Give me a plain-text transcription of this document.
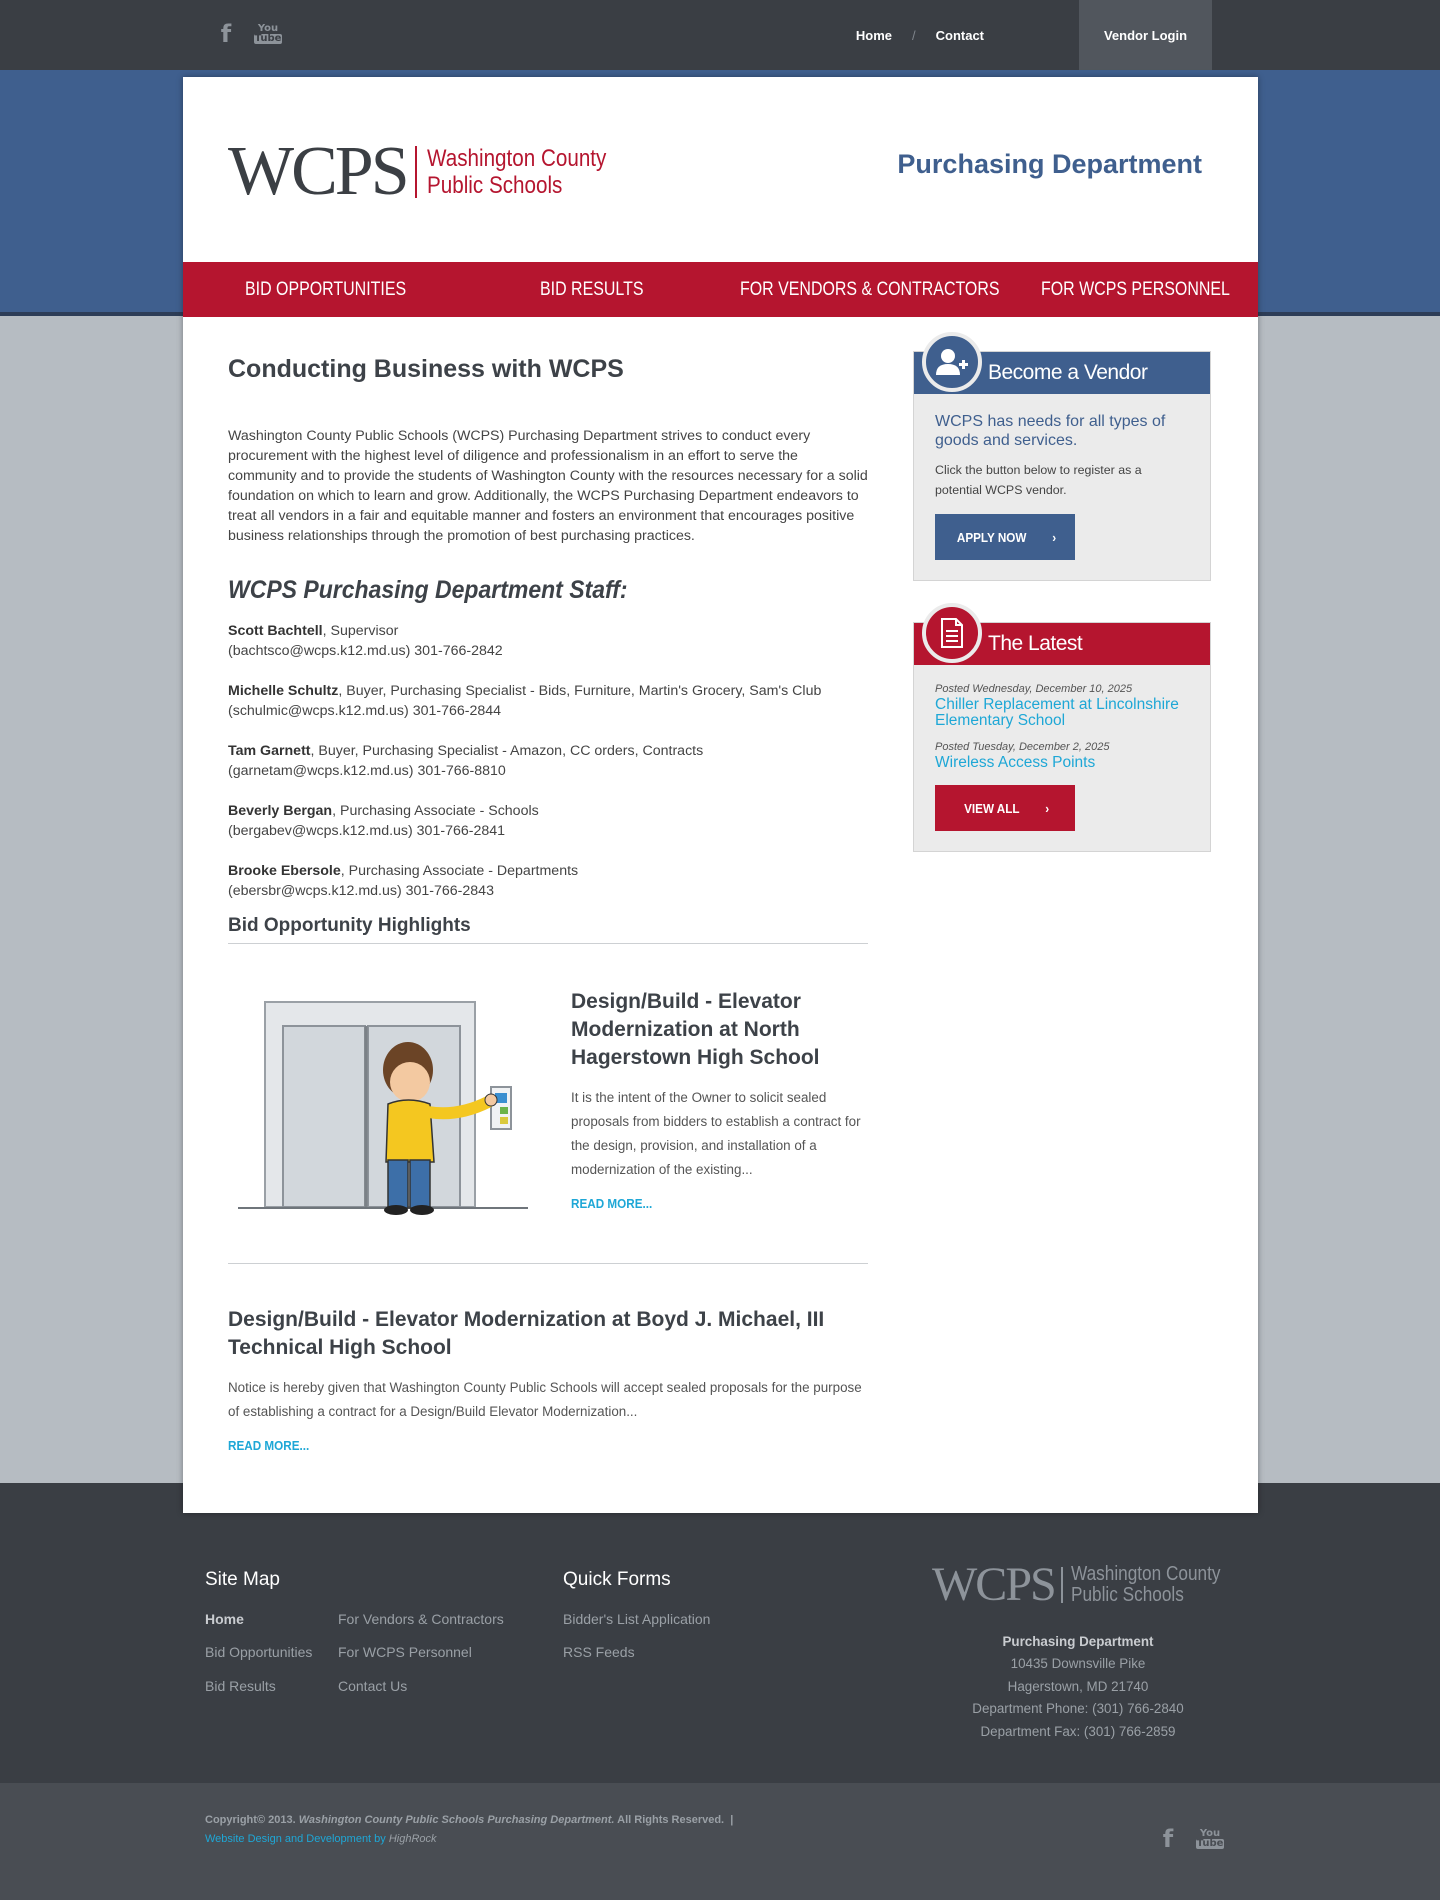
f	You
Tube	Home / Contact	Vendor Login
Site Map
Home
Bid Opportunities
Bid Results
For Vendors & Contractors
For WCPS Personnel
Contact Us
Quick Forms
Bidder's List Application
RSS Feeds
WCPS Washington County
Public Schools
Purchasing Department
10435 Downsville Pike
Hagerstown, MD 21740
Department Phone: (301) 766-2840
Department Fax: (301) 766-2859
Copyright© 2013. Washington County Public Schools Purchasing Department. All Rights Reserved. |
Website Design and Development by HighRock	f	You
Tube
WCPS Washington County
Public Schools
Purchasing Department
BID OPPORTUNITIES	BID RESULTS	FOR VENDORS & CONTRACTORS FOR WCPS PERSONNEL
Conducting Business with WCPS

Washington County Public Schools (WCPS) Purchasing Department strives to conduct every procurement with the highest level of diligence and professionalism in an effort to serve the community and to provide the students of Washington County with the resources necessary for a solid foundation on which to learn and grow. Additionally, the WCPS Purchasing Department endeavors to treat all vendors in a fair and equitable manner and fosters an environment that encourages positive business relationships through the promotion of best purchasing practices.

WCPS Purchasing Department Staff:
Scott Bachtell, Supervisor
(bachtsco@wcps.k12.md.us) 301-766-2842
Michelle Schultz, Buyer, Purchasing Specialist - Bids, Furniture, Martin's Grocery, Sam's Club
(schulmic@wcps.k12.md.us) 301-766-2844
Tam Garnett, Buyer, Purchasing Specialist - Amazon, CC orders, Contracts
(garnetam@wcps.k12.md.us) 301-766-8810
Beverly Bergan, Purchasing Associate - Schools
(bergabev@wcps.k12.md.us) 301-766-2841
Brooke Ebersole, Purchasing Associate - Departments
(ebersbr@wcps.k12.md.us) 301-766-2843
Bid Opportunity Highlights
Design/Build - Elevator Modernization at North Hagerstown High School

It is the intent of the Owner to solicit sealed proposals from bidders to establish a contract for the design, provision, and installation of a modernization of the existing...

READ MORE...
Design/Build - Elevator Modernization at Boyd J. Michael, III Technical High School

Notice is hereby given that Washington County Public Schools will accept sealed proposals for the purpose of establishing a contract for a Design/Build Elevator Modernization...

READ MORE...
Become a Vendor
WCPS has needs for all types of goods and services.
Click the button below to register as a potential WCPS vendor.
APPLY NOW ›
The Latest
Posted Wednesday, December 10, 2025
Chiller Replacement at Lincolnshire Elementary School
Posted Tuesday, December 2, 2025
Wireless Access Points
VIEW ALL ›
